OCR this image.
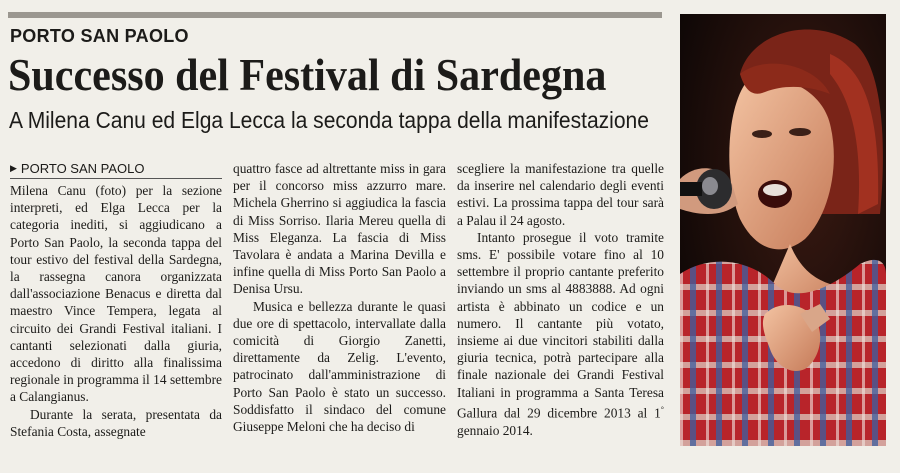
PORTO SAN PAOLO
Successo del Festival di Sardegna
A Milena Canu ed Elga Lecca la seconda tappa della manifestazione
▶ PORTO SAN PAOLO

Milena Canu (foto) per la sezione interpreti, ed Elga Lecca per la categoria inediti, si aggiudicano a Porto San Paolo, la seconda tappa del tour estivo del festival della Sardegna, la rassegna canora organizzata dall'associazione Benacus e diretta dal maestro Vince Tempera, legata al circuito dei Grandi Festival italiani. I cantanti selezionati dalla giuria, accedono di diritto alla finalissima regionale in programma il 14 settembre a Calangianus.

Durante la serata, presentata da Stefania Costa, assegnate

quattro fasce ad altrettante miss in gara per il concorso miss azzurro mare. Michela Gherrino si aggiudica la fascia di Miss Sorriso. Ilaria Mereu quella di Miss Eleganza. La fascia di Miss Tavolara è andata a Marina Devilla e infine quella di Miss Porto San Paolo a Denisa Ursu.

Musica e bellezza durante le quasi due ore di spettacolo, intervallate dalla comicità di Giorgio Zanetti, direttamente da Zelig. L'evento, patrocinato dall'amministrazione di Porto San Paolo è stato un successo. Soddisfatto il sindaco del comune Giuseppe Meloni che ha deciso di

scegliere la manifestazione tra quelle da inserire nel calendario degli eventi estivi. La prossima tappa del tour sarà a Palau il 24 agosto.

Intanto prosegue il voto tramite sms. E' possibile votare fino al 10 settembre il proprio cantante preferito inviando un sms al 4883888. Ad ogni artista è abbinato un codice e un numero. Il cantante più votato, insieme ai due vincitori stabiliti dalla giuria tecnica, potrà partecipare alla finale nazionale dei Grandi Festival Italiani in programma a Santa Teresa Gallura dal 29 dicembre 2013 al 1° gennaio 2014.
